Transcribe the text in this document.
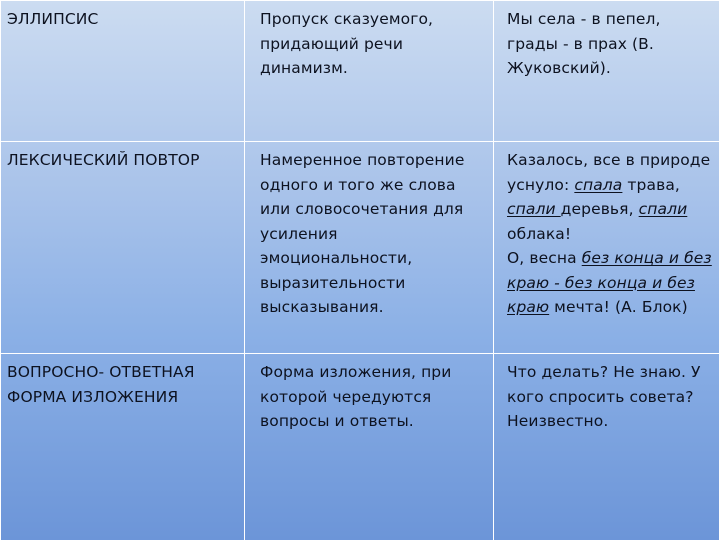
ЭЛЛИПСИС	Пропуск сказуемого, придающий речи динамизм.	Мы села - в пепел, грады - в прах (В. Жуковский).
ЛЕКСИЧЕСКИЙ ПОВТОР	Намеренное повторение одного и того же слова или словосочетания для усиления эмоциональности, выразительности высказывания.	Казалось, все в природе уснуло: спала трава, спали деревья, спали облака!
О, весна без конца и без краю - без конца и без краю мечта! (А. Блок)
ВОПРОСНО- ОТВЕТНАЯ ФОРМА ИЗЛОЖЕНИЯ	Форма изложения, при которой чередуются вопросы и ответы.	Что делать? Не знаю. У кого спросить совета? Неизвестно.
